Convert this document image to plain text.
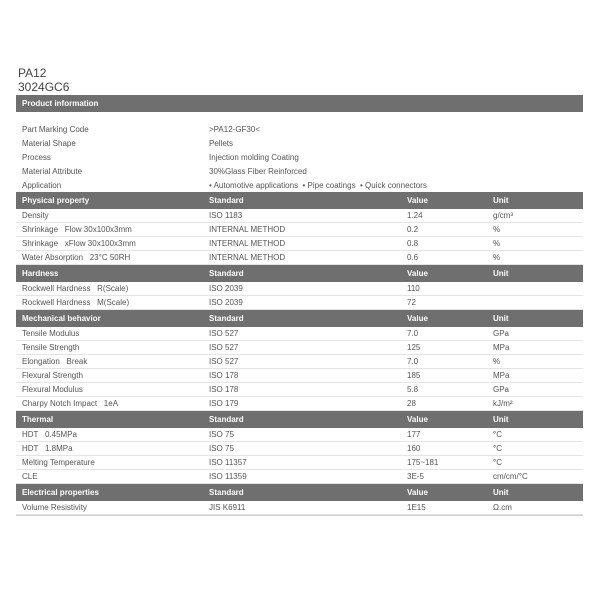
PA12
3024GC6
Product information
Part Marking Code	>PA12-GF30<
Material Shape	Pellets
Process	Injection molding Coating
Material Attribute	30%Glass Fiber Reinforced
Application	• Automotive applications  • Pipe coatings  • Quick connectors
Physical property	Standard	Value	Unit
Density	ISO 1183	1.24	g/cm³
Shrinkage   Flow 30x100x3mm	INTERNAL METHOD	0.2	%
Shrinkage   xFlow 30x100x3mm	INTERNAL METHOD	0.8	%
Water Absorption   23°C 50RH	INTERNAL METHOD	0.6	%
Hardness	Standard	Value	Unit
Rockwell Hardness   R(Scale)	ISO 2039	110
Rockwell Hardness   M(Scale)	ISO 2039	72
Mechanical behavior	Standard	Value	Unit
Tensile Modulus	ISO 527	7.0	GPa
Tensile Strength	ISO 527	125	MPa
Elongation   Break	ISO 527	7.0	%
Flexural Strength	ISO 178	185	MPa
Flexural Modulus	ISO 178	5.8	GPa
Charpy Notch Impact   1eA	ISO 179	28	kJ/m²
Thermal	Standard	Value	Unit
HDT   0.45MPa	ISO 75	177	°C
HDT   1.8MPa	ISO 75	160	°C
Melting Temperature	ISO 11357	175~181	°C
CLE	ISO 11359	3E-5	cm/cm/°C
Electrical properties	Standard	Value	Unit
Volume Resistivity	JIS K6911	1E15	Ω.cm
